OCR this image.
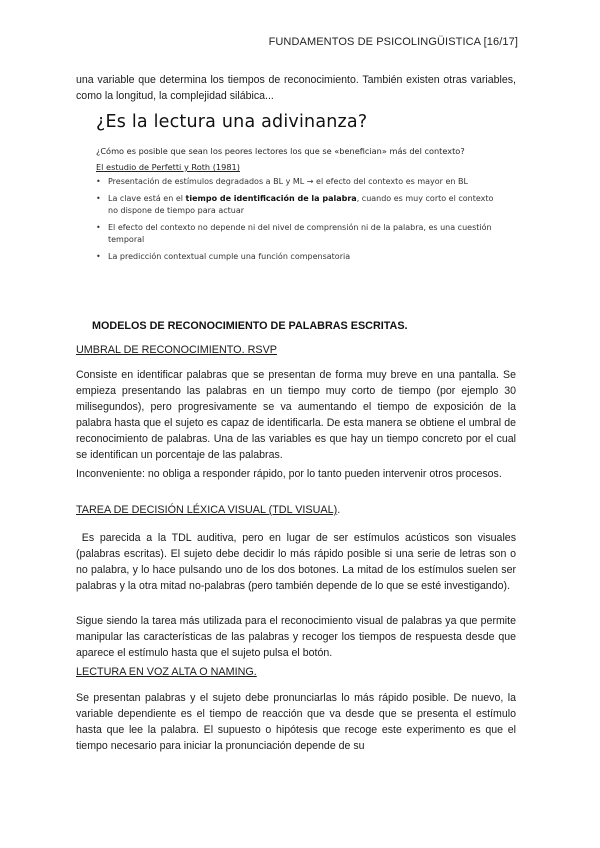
FUNDAMENTOS DE PSICOLINGÜISTICA [16/17]

una variable que determina los tiempos de reconocimiento. También existen otras variables, como la longitud, la complejidad silábica...

¿Es la lectura una adivinanza?
¿Cómo es posible que sean los peores lectores los que se «benefician» más del contexto?
El estudio de Perfetti y Roth (1981)
• Presentación de estímulos degradados a BL y ML → el efecto del contexto es mayor en BL
• La clave está en el tiempo de identificación de la palabra, cuando es muy corto el contexto no dispone de tiempo para actuar
• El efecto del contexto no depende ni del nivel de comprensión ni de la palabra, es una cuestión temporal
• La predicción contextual cumple una función compensatoria
MODELOS DE RECONOCIMIENTO DE PALABRAS ESCRITAS.
UMBRAL DE RECONOCIMIENTO. RSVP

Consiste en identificar palabras que se presentan de forma muy breve en una pantalla. Se empieza presentando las palabras en un tiempo muy corto de tiempo (por ejemplo 30 milisegundos), pero progresivamente se va aumentando el tiempo de exposición de la palabra hasta que el sujeto es capaz de identificarla. De esta manera se obtiene el umbral de reconocimiento de palabras. Una de las variables es que hay un tiempo concreto por el cual se identifican un porcentaje de las palabras.

Inconveniente: no obliga a responder rápido, por lo tanto pueden intervenir otros procesos.

TAREA DE DECISIÓN LÉXICA VISUAL (TDL VISUAL).

Es parecida a la TDL auditiva, pero en lugar de ser estímulos acústicos son visuales (palabras escritas). El sujeto debe decidir lo más rápido posible si una serie de letras son o no palabra, y lo hace pulsando uno de los dos botones. La mitad de los estímulos suelen ser palabras y la otra mitad no-palabras (pero también depende de lo que se esté investigando).

Sigue siendo la tarea más utilizada para el reconocimiento visual de palabras ya que permite manipular las características de las palabras y recoger los tiempos de respuesta desde que aparece el estímulo hasta que el sujeto pulsa el botón.

LECTURA EN VOZ ALTA O NAMING.

Se presentan palabras y el sujeto debe pronunciarlas lo más rápido posible. De nuevo, la variable dependiente es el tiempo de reacción que va desde que se presenta el estímulo hasta que lee la palabra. El supuesto o hipótesis que recoge este experimento es que el tiempo necesario para iniciar la pronunciación depende de su
